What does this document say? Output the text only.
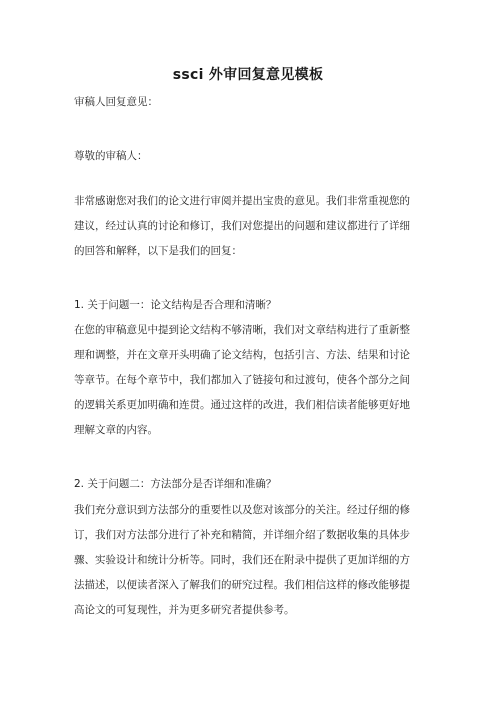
ssci 外审回复意见模板
审稿人回复意见：
尊敬的审稿人：
非常感谢您对我们的论文进行审阅并提出宝贵的意见。我们非常重视您的
建议，经过认真的讨论和修订，我们对您提出的问题和建议都进行了详细
的回答和解释，以下是我们的回复：
1. 关于问题一：论文结构是否合理和清晰？
在您的审稿意见中提到论文结构不够清晰，我们对文章结构进行了重新整
理和调整，并在文章开头明确了论文结构，包括引言、方法、结果和讨论
等章节。在每个章节中，我们都加入了链接句和过渡句，使各个部分之间
的逻辑关系更加明确和连贯。通过这样的改进，我们相信读者能够更好地
理解文章的内容。
2. 关于问题二：方法部分是否详细和准确？
我们充分意识到方法部分的重要性以及您对该部分的关注。经过仔细的修
订，我们对方法部分进行了补充和精简，并详细介绍了数据收集的具体步
骤、实验设计和统计分析等。同时，我们还在附录中提供了更加详细的方
法描述，以便读者深入了解我们的研究过程。我们相信这样的修改能够提
高论文的可复现性，并为更多研究者提供参考。
